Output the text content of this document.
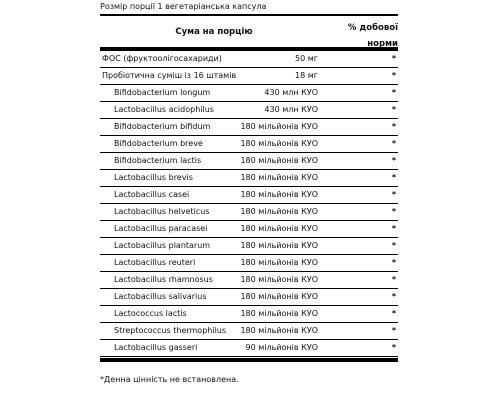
Розмір порції 1 вегетаріанська капсула
Сума на порцію	% добової
норми
ФОС (фруктоолігосахариди)	50 мг	*
Пробіотична суміш із 16 штамів	18 мг	*
Bifidobacterium longum	430 млн КУО	*
Lactobacillus acidophilus	430 млн КУО	*
Bifidobacterium bifidum	180 мільйонів КУО	*
Bifidobacterium breve	180 мільйонів КУО	*
Bifidobacterium lactis	180 мільйонів КУО	*
Lactobacillus brevis	180 мільйонів КУО	*
Lactobacillus casei	180 мільйонів КУО	*
Lactobacillus helveticus	180 мільйонів КУО	*
Lactobacillus paracasei	180 мільйонів КУО	*
Lactobacillus plantarum	180 мільйонів КУО	*
Lactobacillus reuteri	180 мільйонів КУО	*
Lactobacillus rhamnosus	180 мільйонів КУО	*
Lactobacillus salivarius	180 мільйонів КУО	*
Lactococcus lactis	180 мільйонів КУО	*
Streptococcus thermophilus 180 мільйонів КУО	*
Lactobacillus gasseri	90 мільйонів КУО	*
*Денна цінність не встановлена.
